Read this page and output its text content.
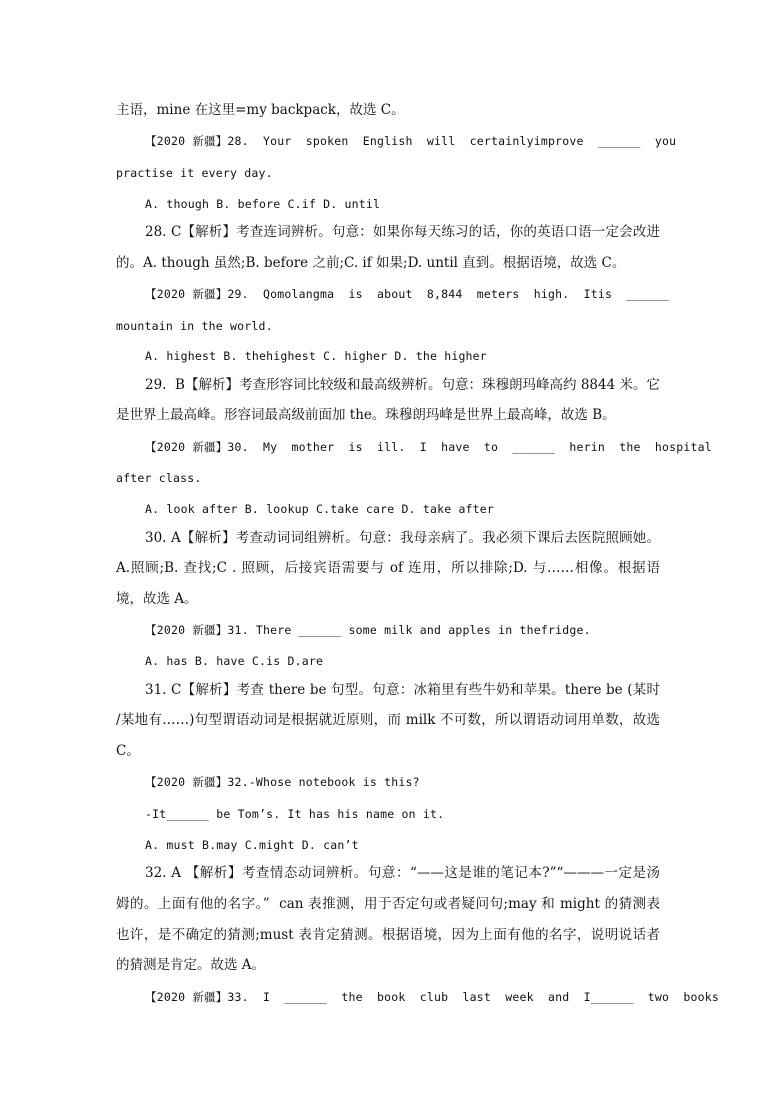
主语，mine 在这里=my backpack，故选 C。
【2020 新疆】28.  Your  spoken  English  will  certainlyimprove  ______  you
practise it every day.
A. though B. before C.if D. until
28. C【解析】考查连词辨析。句意：如果你每天练习的话，你的英语口语一定会改进
的。A. though 虽然;B. before 之前;C. if 如果;D. until 直到。根据语境，故选 C。
【2020 新疆】29.  Qomolangma  is  about  8,844  meters  high.  Itis  ______
mountain in the world.
A. highest B. thehighest C. higher D. the higher
29.  B【解析】考查形容词比较级和最高级辨析。句意：珠穆朗玛峰高约 8844 米。它
是世界上最高峰。形容词最高级前面加 the。珠穆朗玛峰是世界上最高峰，故选 B。
【2020 新疆】30.  My  mother  is  ill.  I  have  to  ______  herin  the  hospital
after class.
A. look after B. lookup C.take care D. take after
30. A【解析】考查动词词组辨析。句意：我母亲病了。我必须下课后去医院照顾她。
A.照顾;B. 查找;C . 照顾，后接宾语需要与 of 连用，所以排除;D. 与……相像。根据语
境，故选 A。
【2020 新疆】31. There ______ some milk and apples in thefridge.
A. has B. have C.is D.are
31. C【解析】考查 there be 句型。句意：冰箱里有些牛奶和苹果。there be (某时
/某地有……)句型谓语动词是根据就近原则，而 milk 不可数，所以谓语动词用单数，故选
C。
【2020 新疆】32.-Whose notebook is this?
-It______ be Tom’s. It has his name on it.
A. must B.may C.might D. can’t
32. A 【解析】考查情态动词辨析。句意：“——这是谁的笔记本?”“———一定是汤
姆的。上面有他的名字。”  can 表推测，用于否定句或者疑问句;may 和 might 的猜测表
也许，是不确定的猜测;must 表肯定猜测。根据语境，因为上面有他的名字，说明说话者
的猜测是肯定。故选 A。
【2020 新疆】33.  I  ______  the  book  club  last  week  and  I______  two  books
